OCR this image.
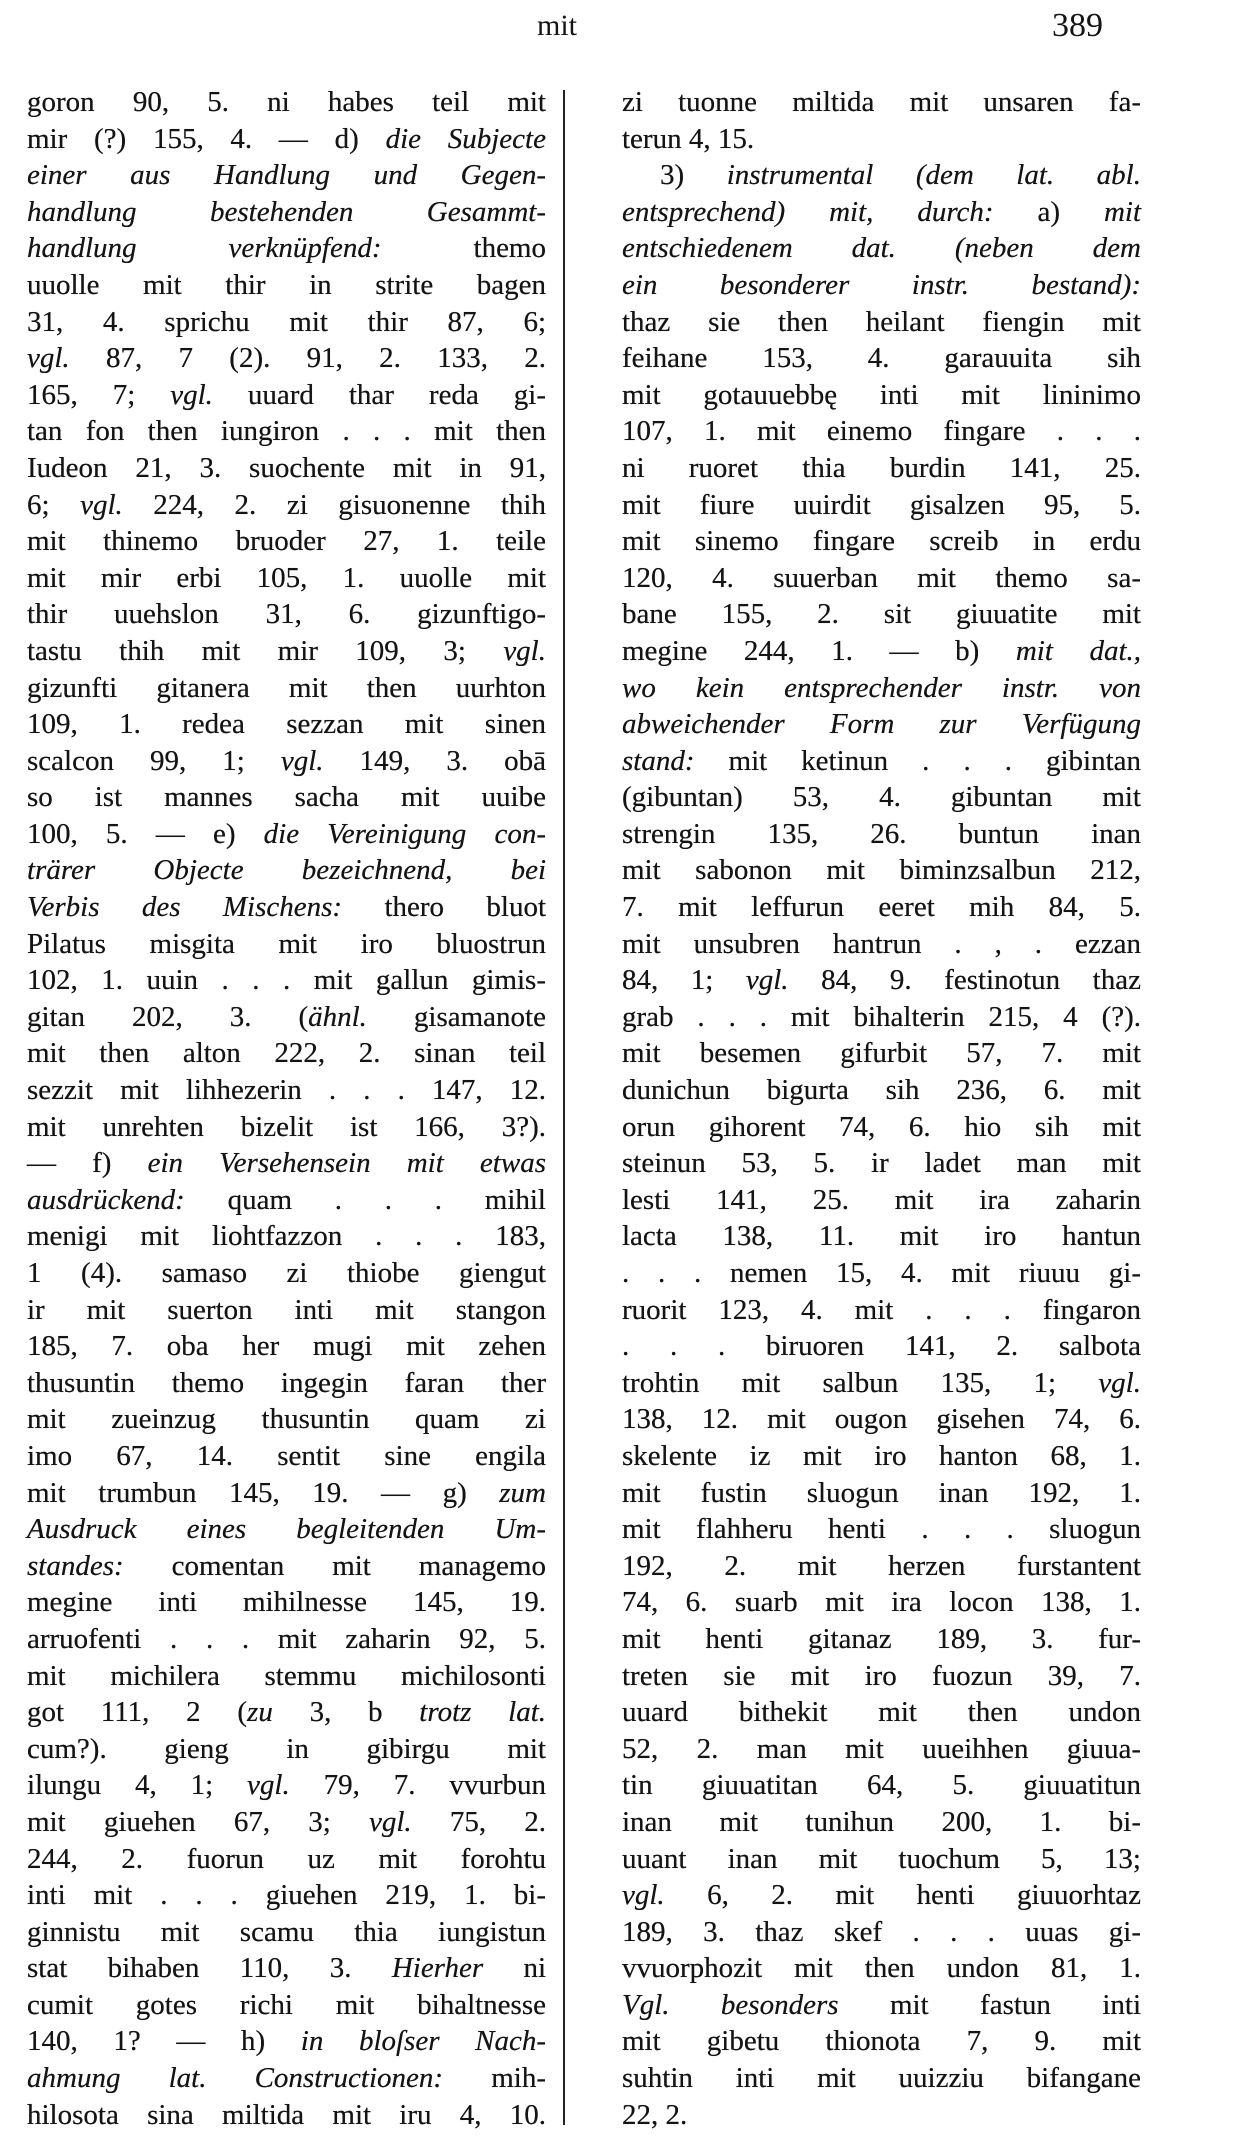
mit	389
goron 90, 5. ni habes teil mit
mir (?) 155, 4. — d) die Subjecte
einer aus Handlung und Gegen-
handlung bestehenden Gesammt-
handlung verknüpfend: themo
uuolle mit thir in strite bagen
31, 4. sprichu mit thir 87, 6;
vgl. 87, 7 (2). 91, 2. 133, 2.
165, 7; vgl. uuard thar reda gi-
tan fon then iungiron . . . mit then
Iudeon 21, 3. suochente mit in 91,
6; vgl. 224, 2. zi gisuonenne thih
mit thinemo bruoder 27, 1. teile
mit mir erbi 105, 1. uuolle mit
thir uuehslon 31, 6. gizunftigo-
tastu thih mit mir 109, 3; vgl.
gizunfti gitanera mit then uurhton
109, 1. redea sezzan mit sinen
scalcon 99, 1; vgl. 149, 3. obā
so ist mannes sacha mit uuibe
100, 5. — e) die Vereinigung con-
trärer Objecte bezeichnend, bei
Verbis des Mischens: thero bluot
Pilatus misgita mit iro bluostrun
102, 1. uuin . . . mit gallun gimis-
gitan 202, 3. (ähnl. gisamanote
mit then alton 222, 2. sinan teil
sezzit mit lihhezerin . . . 147, 12.
mit unrehten bizelit ist 166, 3?).
— f) ein Versehensein mit etwas
ausdrückend: quam . . . mihil
menigi mit liohtfazzon . . . 183,
1 (4). samaso zi thiobe giengut
ir mit suerton inti mit stangon
185, 7. oba her mugi mit zehen
thusuntin themo ingegin faran ther
mit zueinzug thusuntin quam zi
imo 67, 14. sentit sine engila
mit trumbun 145, 19. — g) zum
Ausdruck eines begleitenden Um-
standes: comentan mit managemo
megine inti mihilnesse 145, 19.
arruofenti . . . mit zaharin 92, 5.
mit michilera stemmu michilosonti
got 111, 2 (zu 3, b trotz lat.
cum?). gieng in gibirgu mit
ilungu 4, 1; vgl. 79, 7. vvurbun
mit giuehen 67, 3; vgl. 75, 2.
244, 2. fuorun uz mit forohtu
inti mit . . . giuehen 219, 1. bi-
ginnistu mit scamu thia iungistun
stat bihaben 110, 3. Hierher ni
cumit gotes richi mit bihaltnesse
140, 1? — h) in bloſser Nach-
ahmung lat. Constructionen: mih-
hilosota sina miltida mit iru 4, 10.
zi tuonne miltida mit unsaren fa-
terun 4, 15.
3) instrumental (dem lat. abl.
entsprechend) mit, durch: a) mit
entschiedenem dat. (neben dem
ein besonderer instr. bestand):
thaz sie then heilant fiengin mit
feihane 153, 4. garauuita sih
mit gotauuebbę inti mit lininimo
107, 1. mit einemo fingare . . .
ni ruoret thia burdin 141, 25.
mit fiure uuirdit gisalzen 95, 5.
mit sinemo fingare screib in erdu
120, 4. suuerban mit themo sa-
bane 155, 2. sit giuuatite mit
megine 244, 1. — b) mit dat.,
wo kein entsprechender instr. von
abweichender Form zur Verfügung
stand: mit ketinun . . . gibintan
(gibuntan) 53, 4. gibuntan mit
strengin 135, 26. buntun inan
mit sabonon mit biminzsalbun 212,
7. mit leffurun eeret mih 84, 5.
mit unsubren hantrun . , . ezzan
84, 1; vgl. 84, 9. festinotun thaz
grab . . . mit bihalterin 215, 4 (?).
mit besemen gifurbit 57, 7. mit
dunichun bigurta sih 236, 6. mit
orun gihorent 74, 6. hio sih mit
steinun 53, 5. ir ladet man mit
lesti 141, 25. mit ira zaharin
lacta 138, 11. mit iro hantun
. . . nemen 15, 4. mit riuuu gi-
ruorit 123, 4. mit . . . fingaron
. . . biruoren 141, 2. salbota
trohtin mit salbun 135, 1; vgl.
138, 12. mit ougon gisehen 74, 6.
skelente iz mit iro hanton 68, 1.
mit fustin sluogun inan 192, 1.
mit flahheru henti . . . sluogun
192, 2. mit herzen furstantent
74, 6. suarb mit ira locon 138, 1.
mit henti gitanaz 189, 3. fur-
treten sie mit iro fuozun 39, 7.
uuard bithekit mit then undon
52, 2. man mit uueihhen giuua-
tin giuuatitan 64, 5. giuuatitun
inan mit tunihun 200, 1. bi-
uuant inan mit tuochum 5, 13;
vgl. 6, 2. mit henti giuuorhtaz
189, 3. thaz skef . . . uuas gi-
vvuorphozit mit then undon 81, 1.
Vgl. besonders mit fastun inti
mit gibetu thionota 7, 9. mit
suhtin inti mit uuizziu bifangane
22, 2.
